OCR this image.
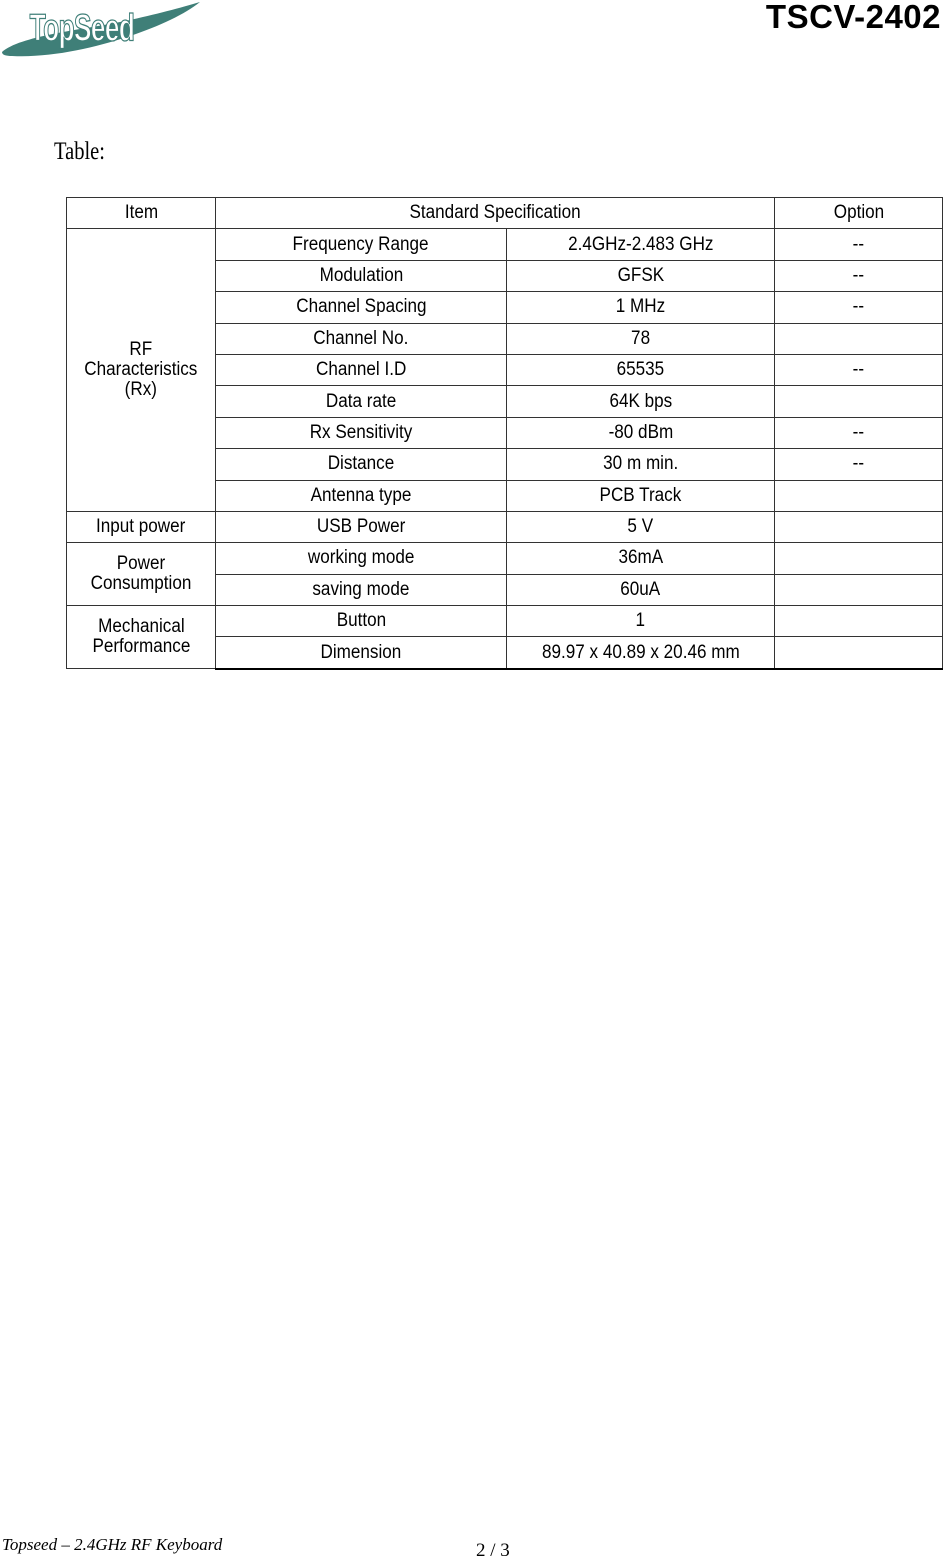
TopSeed	TSCV-2402
Table:
Item	Standard Specification		Option
RF
Characteristics
(Rx)	Frequency Range	2.4GHz-2.483 GHz	--
	Modulation	GFSK	--
	Channel Spacing	1 MHz	--
	Channel No.	78	
	Channel I.D	65535	--
	Data rate	64K bps	
	Rx Sensitivity	-80 dBm	--
	Distance	30 m min.	--
	Antenna type	PCB Track	
Input power	USB Power	5 V	
Power
Consumption	working mode	36mA	
	saving mode	60uA	
Mechanical
Performance	Button	1	
	Dimension	89.97 x 40.89 x 20.46 mm	
Topseed – 2.4GHz RF Keyboard	2 / 3
